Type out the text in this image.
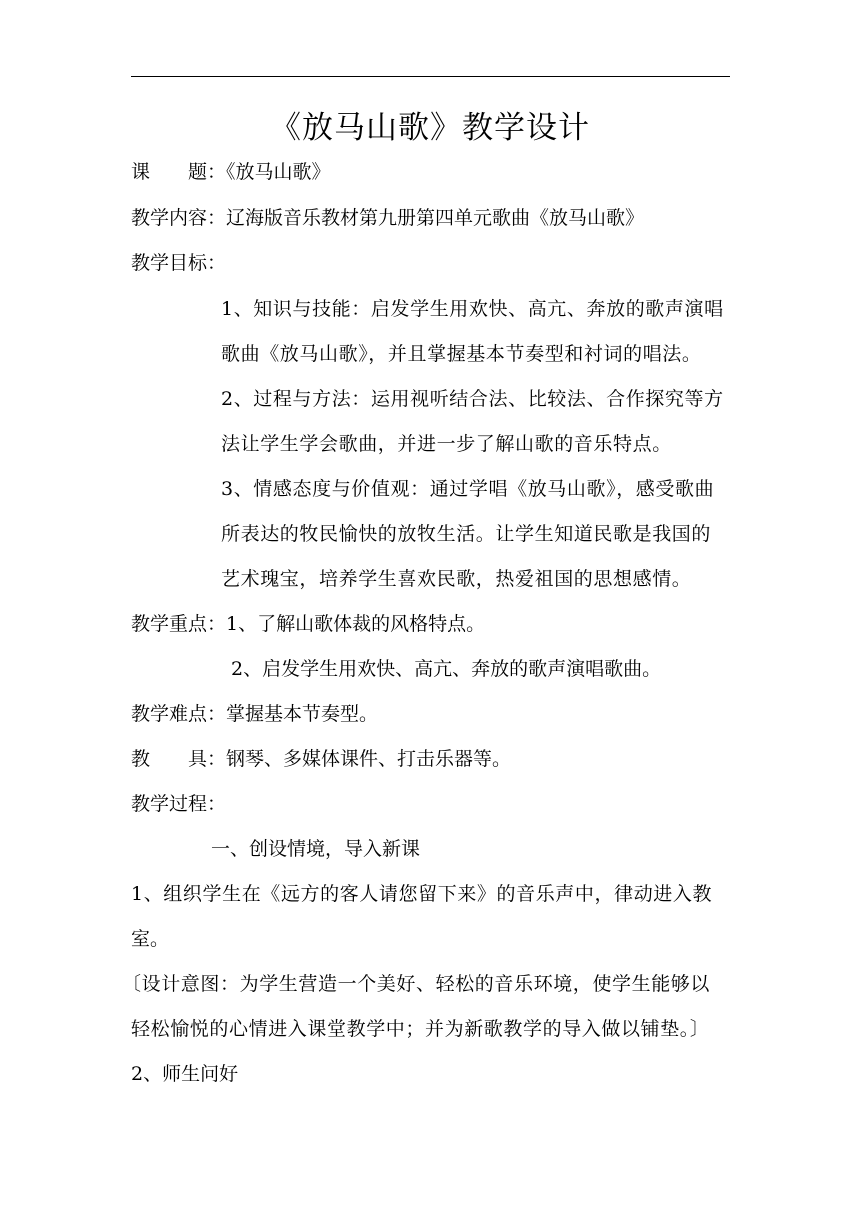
《放马山歌》教学设计
课　　题：《放马山歌》
教学内容：辽海版音乐教材第九册第四单元歌曲《放马山歌》
教学目标：
1、知识与技能：启发学生用欢快、高亢、奔放的歌声演唱
歌曲《放马山歌》，并且掌握基本节奏型和衬词的唱法。
2、过程与方法：运用视听结合法、比较法、合作探究等方
法让学生学会歌曲，并进一步了解山歌的音乐特点。
3、情感态度与价值观：通过学唱《放马山歌》，感受歌曲
所表达的牧民愉快的放牧生活。让学生知道民歌是我国的
艺术瑰宝，培养学生喜欢民歌，热爱祖国的思想感情。
教学重点：1、了解山歌体裁的风格特点。
2、启发学生用欢快、高亢、奔放的歌声演唱歌曲。
教学难点：掌握基本节奏型。
教　　具：钢琴、多媒体课件、打击乐器等。
教学过程：
一、创设情境，导入新课
1、组织学生在《远方的客人请您留下来》的音乐声中，律动进入教
室。
〔设计意图：为学生营造一个美好、轻松的音乐环境，使学生能够以
轻松愉悦的心情进入课堂教学中；并为新歌教学的导入做以铺垫。〕
2、师生问好
